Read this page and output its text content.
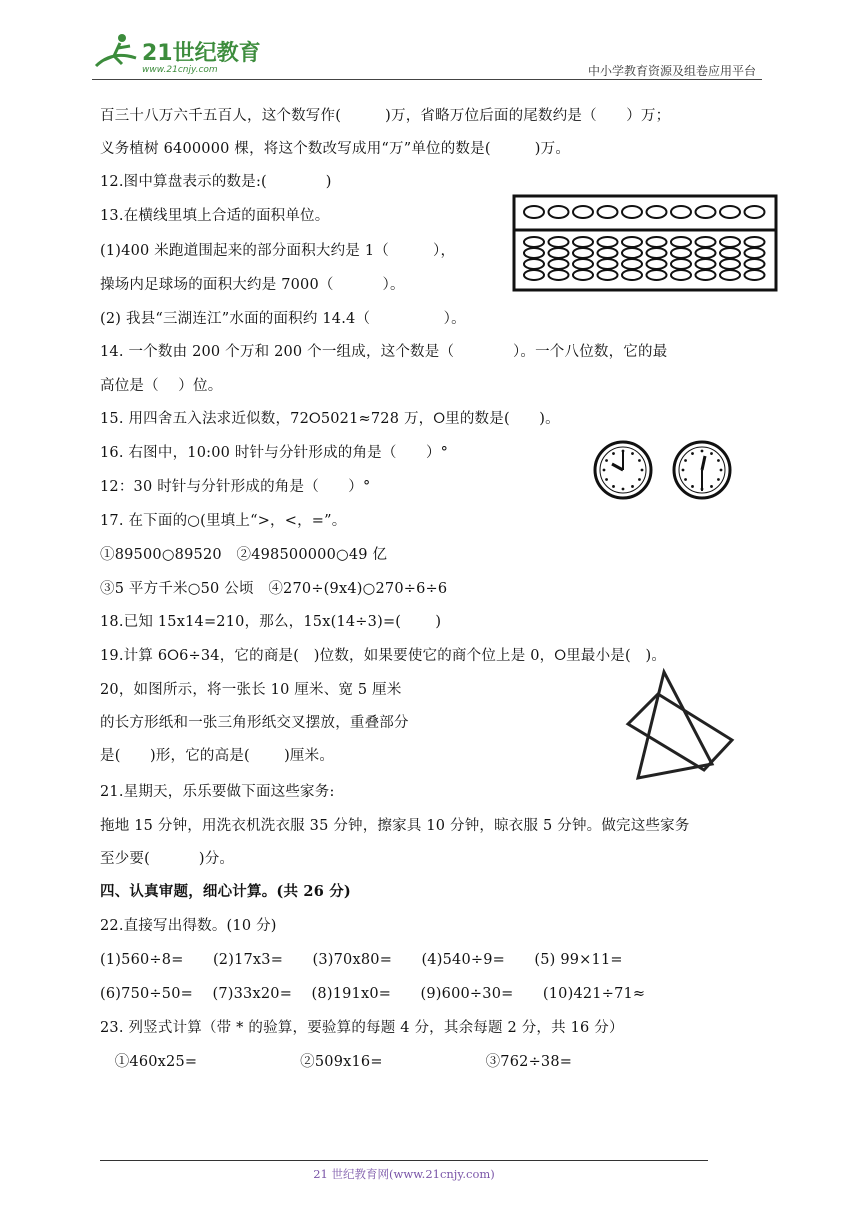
21世纪教育
www.21cnjy.com	中小学教育资源及组卷应用平台
百三十八万六千五百人，这个数写作(　　　)万，省略万位后面的尾数约是（　　）万；
义务植树 6400000 棵，将这个数改写成用“万”单位的数是(　　　)万。
12.图中算盘表示的数是:(　　　　)
13.在横线里填上合适的面积单位。
(1)400 米跑道围起来的部分面积大约是 1（　　　），
操场内足球场的面积大约是 7000（　　　 ）。
(2) 我县“三湖连江”水面的面积约 14.4（　　　　　）。
14. 一个数由 200 个万和 200 个一组成，这个数是（　　　　）。一个八位数，它的最
高位是（　 ）位。
15. 用四舍五入法求近似数，72⭘5021≈728 万，⭘里的数是(　　)。
16. 右图中，10:00 时针与分针形成的角是（　　）°
12：30 时针与分针形成的角是（　　）°
17. 在下面的○(里填上“>，<，=”。
①89500○89520　②498500000○49 亿
③5 平方千米○50 公顷　④270÷(9x4)○270÷6÷6
18.已知 15x14=210，那么，15x(14÷3)=(　　 )
19.计算 6⭘6÷34，它的商是(　)位数，如果要使它的商个位上是 0，⭘里最小是(　)。
20，如图所示，将一张长 10 厘米、宽 5 厘米
的长方形纸和一张三角形纸交叉摆放，重叠部分
是(　　)形，它的高是(　　 )厘米。
21.星期天，乐乐要做下面这些家务:
拖地 15 分钟，用洗衣机洗衣服 35 分钟，擦家具 10 分钟，晾衣服 5 分钟。做完这些家务
至少要(　　　 )分。
四、认真审题，细心计算。(共 26 分)
22.直接写出得数。(10 分)
(1)560÷8=　　(2)17x3=　　(3)70x80=　　(4)540÷9=　　(5) 99×11=
(6)750÷50=　 (7)33x20=　 (8)191x0=　　(9)600÷30=　　(10)421÷71≈
23. 列竖式计算（带 * 的验算，要验算的每题 4 分，其余每题 2 分，共 16 分）
　①460x25=　　　　　　　②509x16=　　　　　　　③762÷38=
21 世纪教育网(www.21cnjy.com)
